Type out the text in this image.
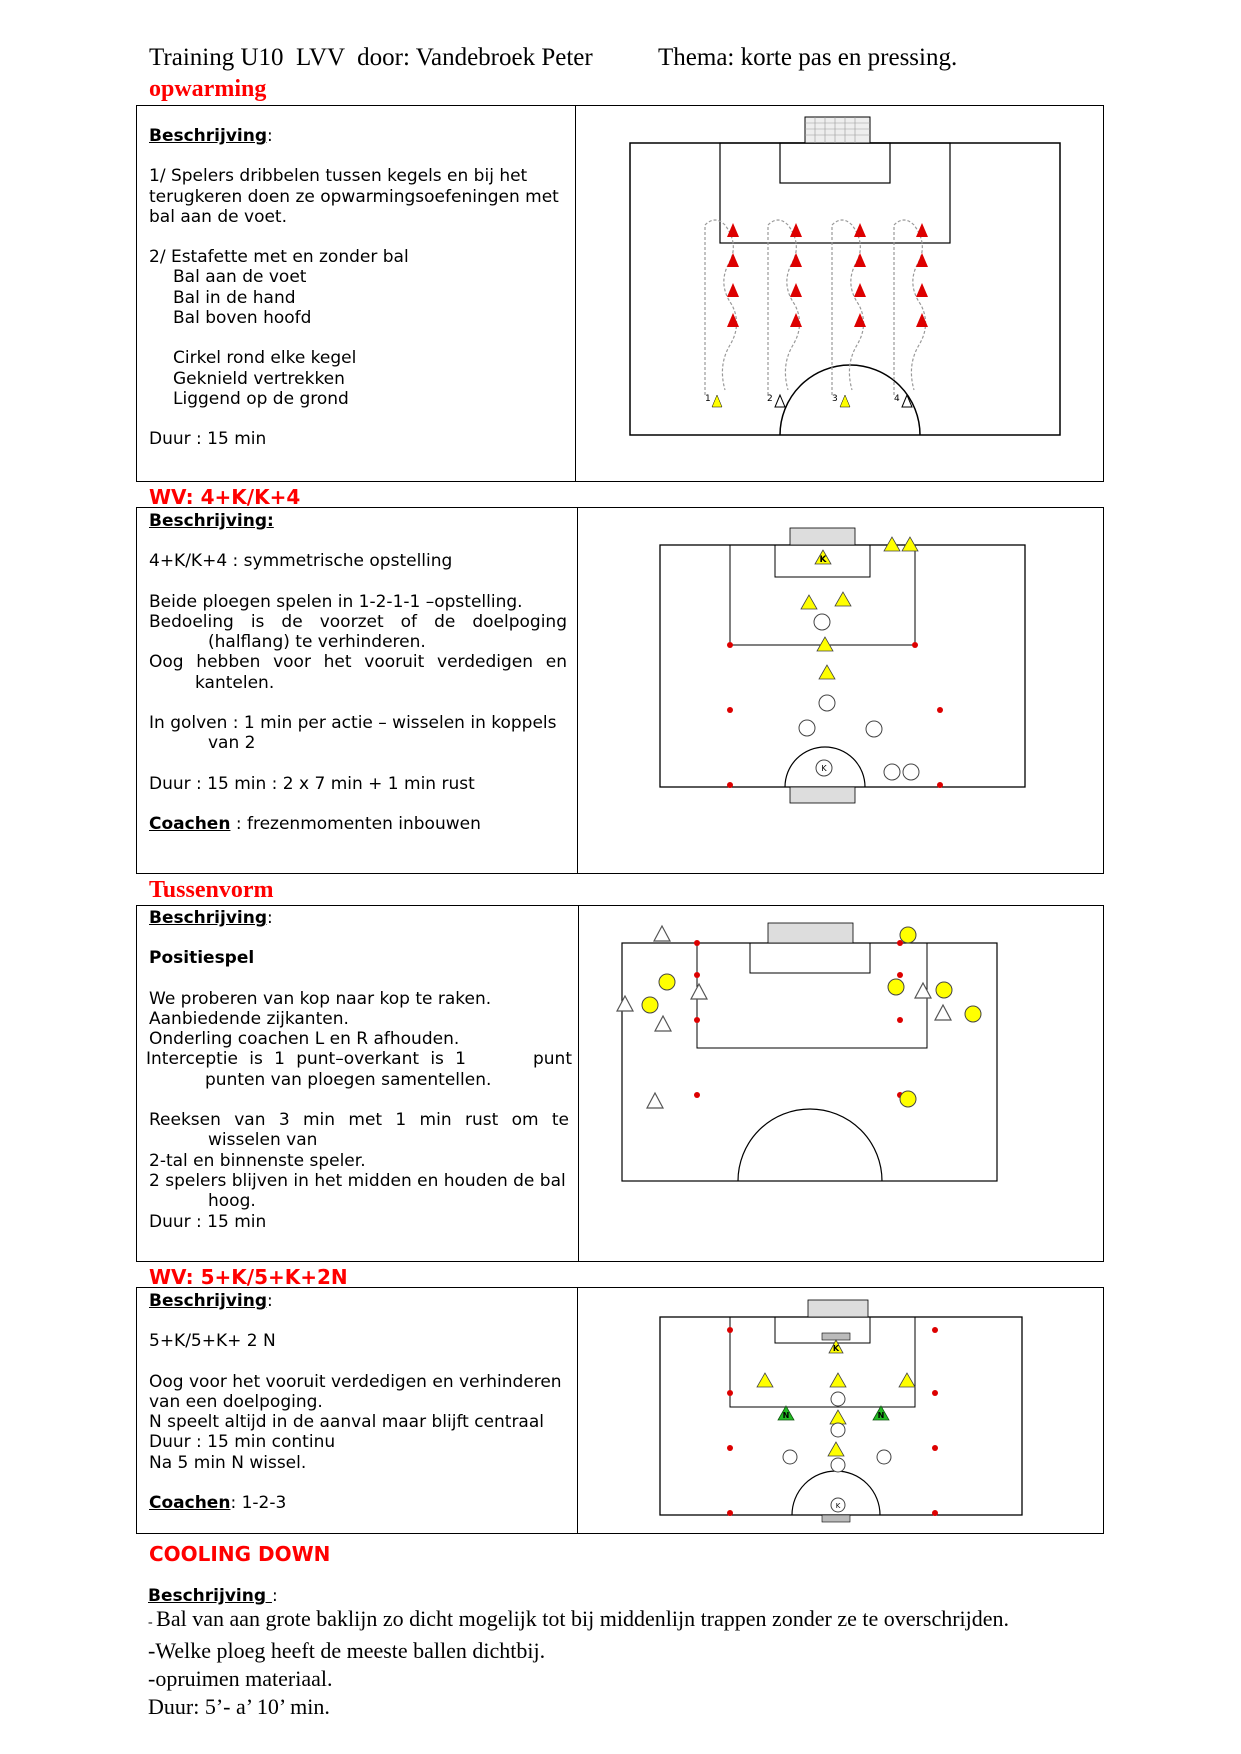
Training U10  LVV  door: Vandebroek Peter

	Thema: korte pas en pressing.

opwarming

Beschrijving:

1/ Spelers dribbelen tussen kegels en bij het

terugkeren doen ze opwarmingsoefeningen met

bal aan de voet.

2/ Estafette met en zonder bal

Bal aan de voet

Bal in de hand

Bal boven hoofd

Cirkel rond elke kegel

Geknield vertrekken

Liggend op de grond

Duur : 15 min

1	2	3	4
WV: 4+K/K+4

Beschrijving:

4+K/K+4 : symmetrische opstelling

Beide ploegen spelen in 1-2-1-1 –opstelling.

Bedoeling is de voorzet of de doelpoging

(halflang) te verhinderen.

Oog hebben voor het vooruit verdedigen en

kantelen.

In golven : 1 min per actie – wisselen in koppels

van 2

Duur : 15 min : 2 x 7 min + 1 min rust

Coachen : frezenmomenten inbouwen

K
K
Tussenvorm

Beschrijving:

Positiespel

We proberen van kop naar kop te raken.

Aanbiedende zijkanten.

Onderling coachen L en R afhouden.

Interceptie is 1 punt–overkant is 1	punt

punten van ploegen samentellen.

Reeksen van 3 min met 1 min rust om te

wisselen van

2-tal en binnenste speler.

2 spelers blijven in het midden en houden de bal

hoog.

Duur : 15 min

WV: 5+K/5+K+2N

Beschrijving:

5+K/5+K+ 2 N

Oog voor het vooruit verdedigen en verhinderen

van een doelpoging.

N speelt altijd in de aanval maar blijft centraal

Duur : 15 min continu

Na 5 min N wissel.

Coachen: 1-2-3

K
N	N
K
COOLING DOWN
Beschrijving :
- Bal van aan grote baklijn zo dicht mogelijk tot bij middenlijn trappen zonder ze te overschrijden.
-Welke ploeg heeft de meeste ballen dichtbij.
-opruimen materiaal.
Duur: 5’- a’ 10’ min.
